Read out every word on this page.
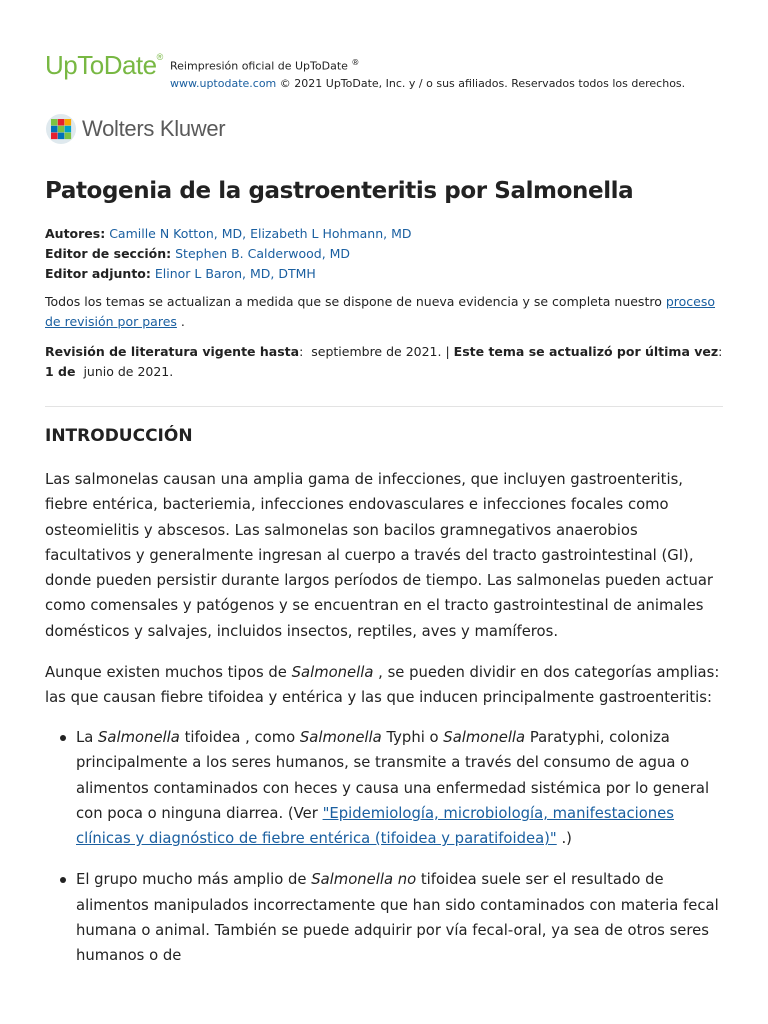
UpToDate®
Reimpresión oficial de UpToDate ®
www.uptodate.com © 2021 UpToDate, Inc. y / o sus afiliados. Reservados todos los derechos.
Wolters Kluwer
Patogenia de la gastroenteritis por Salmonella
Autores: Camille N Kotton, MD, Elizabeth L Hohmann, MD
Editor de sección: Stephen B. Calderwood, MD
Editor adjunto: Elinor L Baron, MD, DTMH
Todos los temas se actualizan a medida que se dispone de nueva evidencia y se completa nuestro proceso de revisión por pares .
Revisión de literatura vigente hasta:  septiembre de 2021. | Este tema se actualizó por última vez: 1 de junio de 2021.
INTRODUCCIÓN
Las salmonelas causan una amplia gama de infecciones, que incluyen gastroenteritis, fiebre entérica, bacteriemia, infecciones endovasculares e infecciones focales como osteomielitis y abscesos. Las salmonelas son bacilos gramnegativos anaerobios facultativos y generalmente ingresan al cuerpo a través del tracto gastrointestinal (GI), donde pueden persistir durante largos períodos de tiempo. Las salmonelas pueden actuar como comensales y patógenos y se encuentran en el tracto gastrointestinal de animales domésticos y salvajes, incluidos insectos, reptiles, aves y mamíferos.
Aunque existen muchos tipos de Salmonella , se pueden dividir en dos categorías amplias: las que causan fiebre tifoidea y entérica y las que inducen principalmente gastroenteritis:
La Salmonella tifoidea , como Salmonella Typhi o Salmonella Paratyphi, coloniza principalmente a los seres humanos, se transmite a través del consumo de agua o alimentos contaminados con heces y causa una enfermedad sistémica por lo general con poca o ninguna diarrea. (Ver "Epidemiología, microbiología, manifestaciones clínicas y diagnóstico de fiebre entérica (tifoidea y paratifoidea)" .)
El grupo mucho más amplio de Salmonella no tifoidea suele ser el resultado de alimentos manipulados incorrectamente que han sido contaminados con materia fecal humana o animal. También se puede adquirir por vía fecal-oral, ya sea de otros seres humanos o de
